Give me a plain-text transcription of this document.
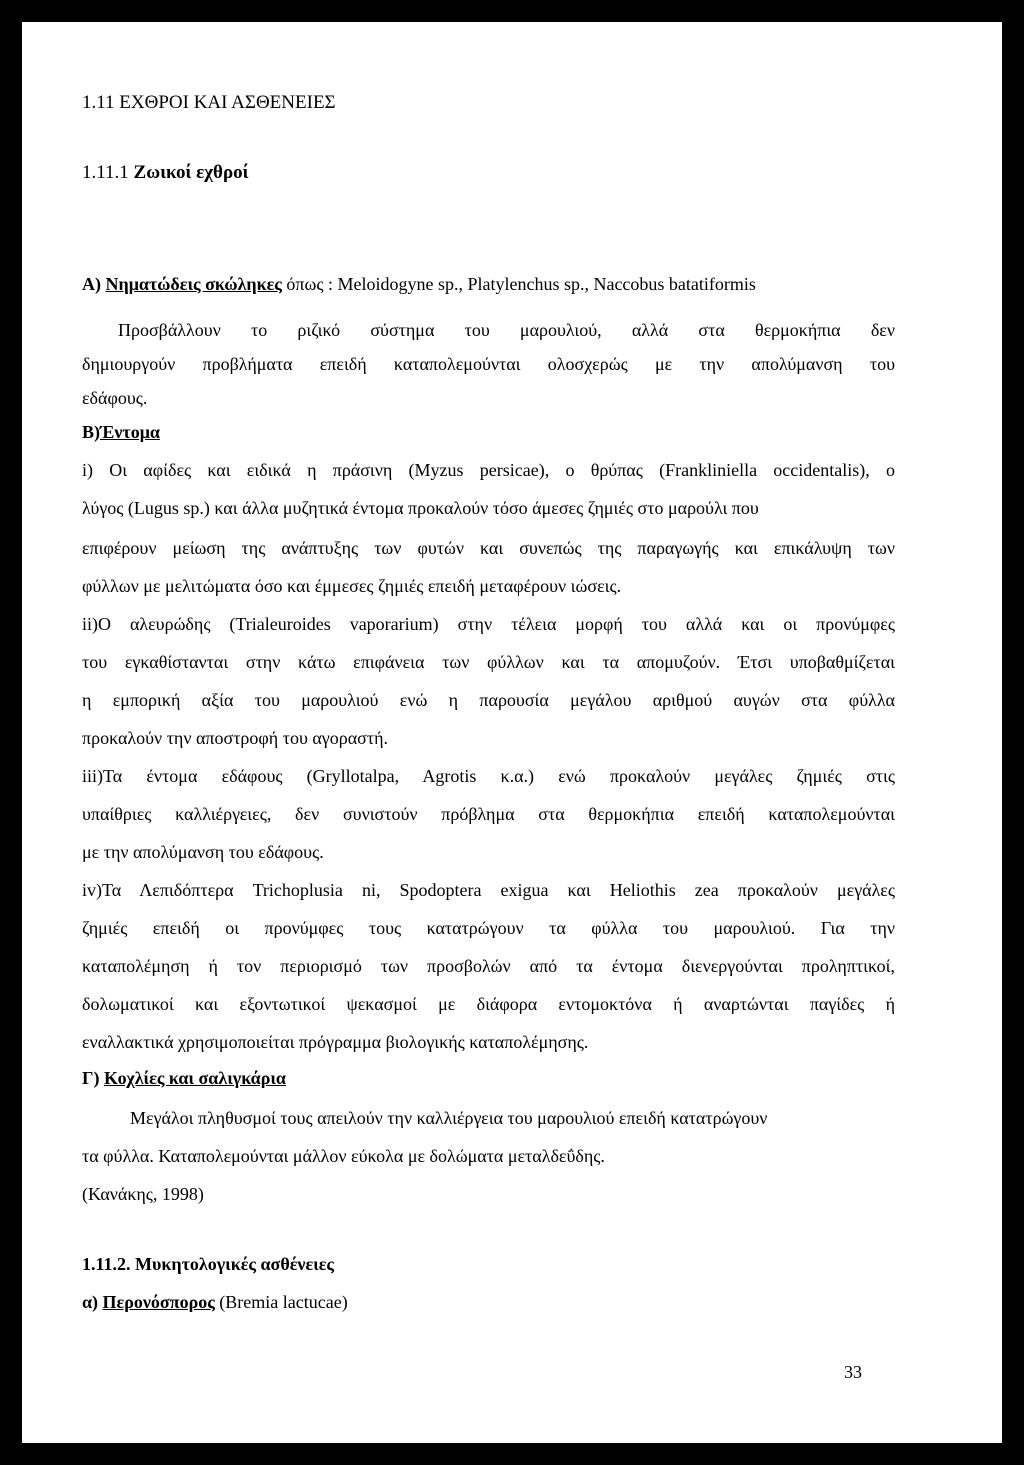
1.11 ΕΧΘΡΟΙ ΚΑΙ ΑΣΘΕΝΕΙΕΣ
1.11.1 Ζωικοί εχθροί
Α) Νηματώδεις σκώληκες όπως : Meloidogyne sp., Platylenchus sp., Naccobus batatiformis
Προσβάλλουν το ριζικό σύστημα του μαρουλιού, αλλά στα θερμοκήπια δεν
δημιουργούν προβλήματα επειδή καταπολεμούνται ολοσχερώς με την απολύμανση του
εδάφους.
Β)Έντομα
i) Οι αφίδες και ειδικά η πράσινη (Myzus persicae), ο θρύπας (Frankliniella occidentalis), ο
λύγος (Lugus sp.) και άλλα μυζητικά έντομα προκαλούν τόσο άμεσες ζημιές στο μαρούλι που
επιφέρουν μείωση της ανάπτυξης των φυτών και συνεπώς της παραγωγής και επικάλυψη των
φύλλων με μελιτώματα όσο και έμμεσες ζημιές επειδή μεταφέρουν ιώσεις.
ii)Ο αλευρώδης (Trialeuroides vaporarium) στην τέλεια μορφή του αλλά και οι προνύμφες
του εγκαθίστανται στην κάτω επιφάνεια των φύλλων και τα απομυζούν. Έτσι υποβαθμίζεται
η εμπορική αξία του μαρουλιού ενώ η παρουσία μεγάλου αριθμού αυγών στα φύλλα
προκαλούν την αποστροφή του αγοραστή.
iii)Τα έντομα εδάφους (Gryllotalpa, Agrotis κ.α.) ενώ προκαλούν μεγάλες ζημιές στις
υπαίθριες καλλιέργειες, δεν συνιστούν πρόβλημα στα θερμοκήπια επειδή καταπολεμούνται
με την απολύμανση του εδάφους.
iv)Τα Λεπιδόπτερα Trichoplusia ni, Spodoptera exigua και Heliothis zea προκαλούν μεγάλες
ζημιές επειδή οι προνύμφες τους κατατρώγουν τα φύλλα του μαρουλιού. Για την
καταπολέμηση ή τον περιορισμό των προσβολών από τα έντομα διενεργούνται προληπτικοί,
δολωματικοί και εξοντωτικοί ψεκασμοί με διάφορα εντομοκτόνα ή αναρτώνται παγίδες ή
εναλλακτικά χρησιμοποιείται πρόγραμμα βιολογικής καταπολέμησης.
Γ) Κοχλίες και σαλιγκάρια
Μεγάλοι πληθυσμοί τους απειλούν την καλλιέργεια του μαρουλιού επειδή κατατρώγουν
τα φύλλα. Καταπολεμούνται μάλλον εύκολα με δολώματα μεταλδεΰδης.
(Κανάκης, 1998)
1.11.2. Μυκητολογικές ασθένειες
α) Περονόσπορος (Bremia lactucae)
33
